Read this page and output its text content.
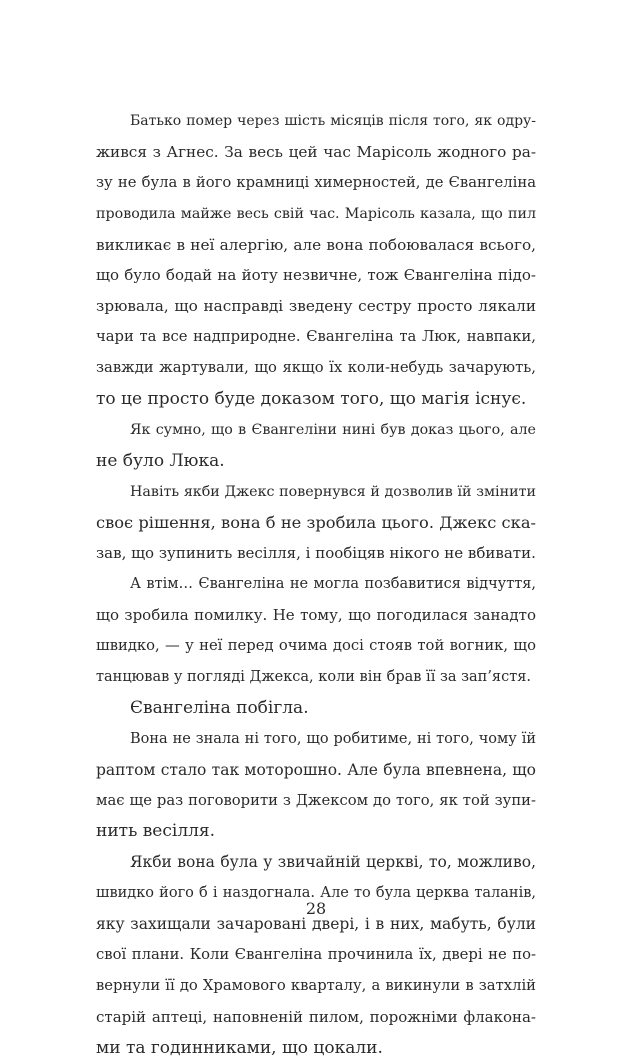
Батько помер через шість місяців після того, як одру-
жився з Агнес. За весь цей час Марісоль жодного ра-
зу не була в його крамниці химерностей, де Євангеліна
проводила майже весь свій час. Марісоль казала, що пил
викликає в неї алергію, але вона побоювалася всього,
що було бодай на йоту незвичне, тож Євангеліна підо-
зрювала, що насправді зведену сестру просто лякали
чари та все надприродне. Євангеліна та Люк, навпаки,
завжди жартували, що якщо їх коли-небудь зачарують,
то це просто буде доказом того, що магія існує.
Як сумно, що в Євангеліни нині був доказ цього, але
не було Люка.
Навіть якби Джекс повернувся й дозволив їй змінити
своє рішення, вона б не зробила цього. Джекс ска-
зав, що зупинить весілля, і пообіцяв нікого не вбивати.
А втім… Євангеліна не могла позбавитися відчуття,
що зробила помилку. Не тому, що погодилася занадто
швидко, — у неї перед очима досі стояв той вогник, що
танцював у погляді Джекса, коли він брав її за зап’ястя.
Євангеліна побігла.
Вона не знала ні того, що робитиме, ні того, чому їй
раптом стало так моторошно. Але була впевнена, що
має ще раз поговорити з Джексом до того, як той зупи-
нить весілля.
Якби вона була у звичайній церкві, то, можливо,
швидко його б і наздогнала. Але то була церква таланів,
яку захищали зачаровані двері, і в них, мабуть, були
свої плани. Коли Євангеліна прочинила їх, двері не по-
вернули її до Храмового кварталу, а викинули в затхлій
старій аптеці, наповненій пилом, порожніми флакона-
ми та годинниками, що цокали.
28
